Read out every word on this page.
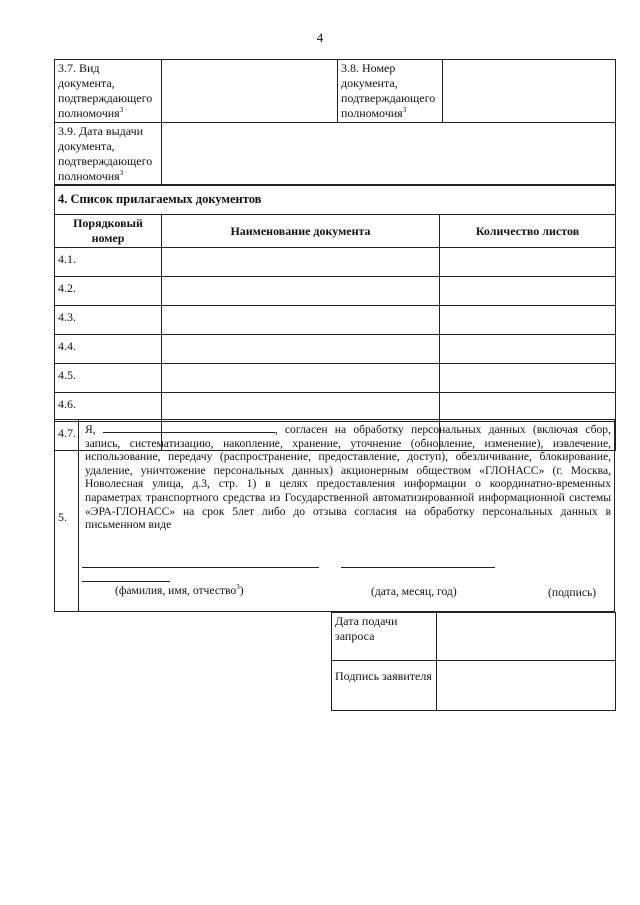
4
3.7. Вид документа, подтверждающего полномочия$^3$		3.8. Номер документа, подтверждающего полномочия$^3$	
3.9. Дата выдачи документа, подтверждающего полномочия$^3$	
4. Список прилагаемых документов		
Порядковый номер	Наименование документа	Количество листов
4.1.		
4.2.		
4.3.		
4.4.		
4.5.		
4.6.		
4.7.		
5.
Я,	, согласен на обработку персональных данных (включая сбор, запись, систематизацию, накопление, хранение, уточнение (обновление, изменение), извлечение, использование, передачу (распространение, предоставление, доступ), обезличивание, блокирование, удаление, уничтожение персональных данных) акционерным обществом «ГЛОНАСС» (г. Москва, Новолесная улица, д.3, стр. 1) в целях предоставления информации о координатно-временных параметрах транспортного средства из Государственной автоматизированной информационной системы «ЭРА-ГЛОНАСС» на срок 5лет либо до отзыва согласия на обработку персональных данных в письменном виде
(фамилия, имя, отчество$^3$)	(дата, месяц, год)	(подпись)
Дата подачи запроса	
Подпись заявителя	
